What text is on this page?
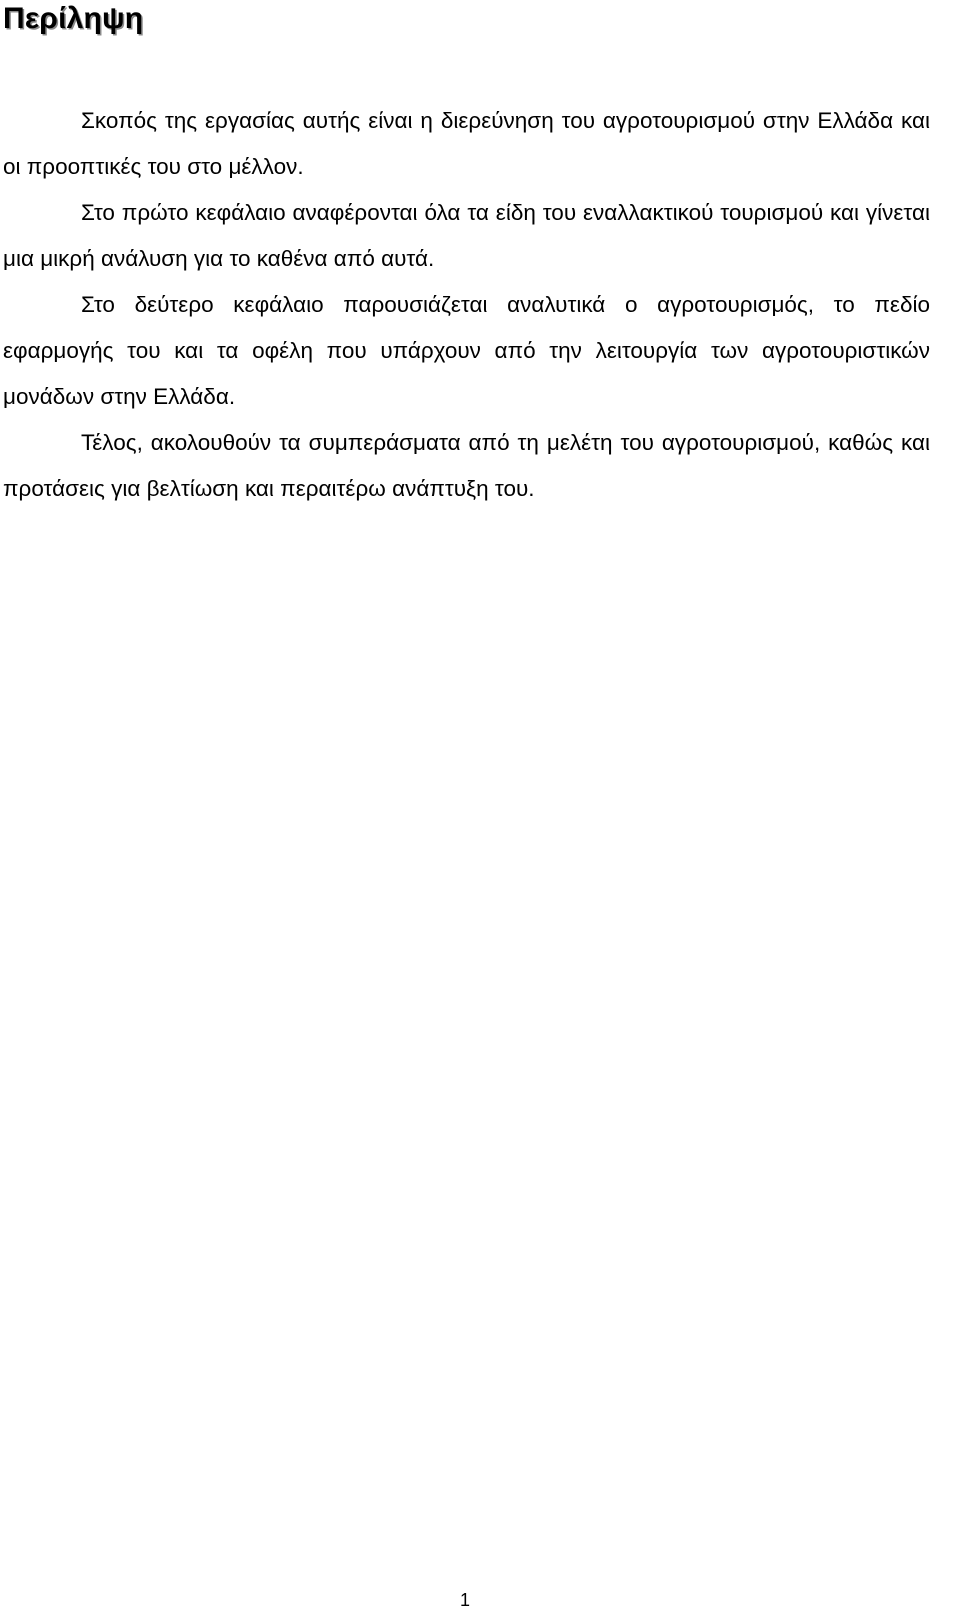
Περίληψη

Σκοπός της εργασίας αυτής είναι η διερεύνηση του αγροτουρισμού στην Ελλάδα και οι προοπτικές του στο μέλλον.

Στο πρώτο κεφάλαιο αναφέρονται όλα τα είδη του εναλλακτικού τουρισμού και γίνεται μια μικρή ανάλυση για το καθένα από αυτά.

Στο δεύτερο κεφάλαιο παρουσιάζεται αναλυτικά ο αγροτουρισμός, το πεδίο εφαρμογής του και τα οφέλη που υπάρχουν από την λειτουργία των αγροτουριστικών μονάδων στην Ελλάδα.

Τέλος, ακολουθούν τα συμπεράσματα από τη μελέτη του αγροτουρισμού, καθώς και προτάσεις για βελτίωση και περαιτέρω ανάπτυξη του.

1
